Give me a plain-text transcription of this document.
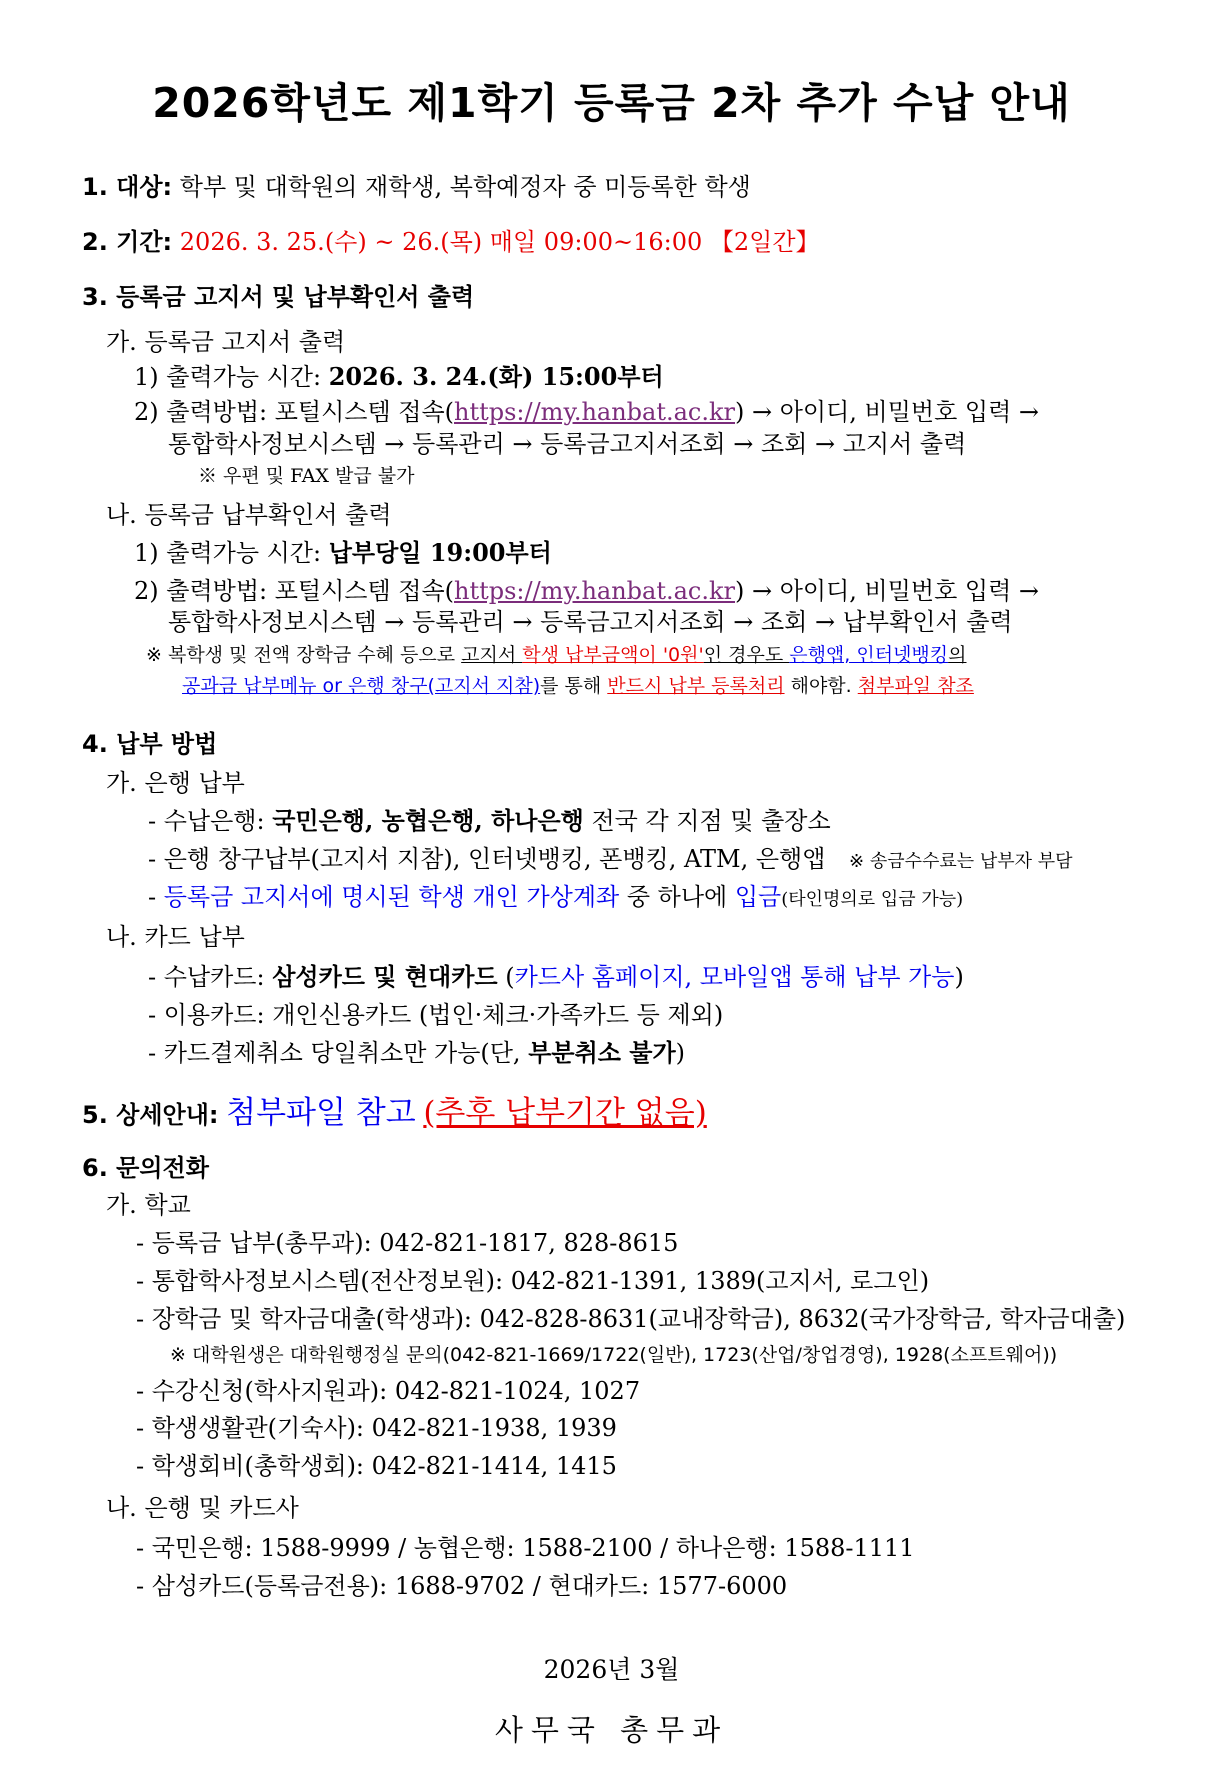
2026학년도 제1학기 등록금 2차 추가 수납 안내
1. 대상: 학부 및 대학원의 재학생, 복학예정자 중 미등록한 학생
2. 기간: 2026. 3. 25.(수) ~ 26.(목) 매일 09:00~16:00 【2일간】
3. 등록금 고지서 및 납부확인서 출력
가. 등록금 고지서 출력
1) 출력가능 시간: 2026. 3. 24.(화) 15:00부터
2) 출력방법: 포털시스템 접속(https://my.hanbat.ac.kr) → 아이디, 비밀번호 입력 →
통합학사정보시스템 → 등록관리 → 등록금고지서조회 → 조회 → 고지서 출력
※ 우편 및 FAX 발급 불가
나. 등록금 납부확인서 출력
1) 출력가능 시간: 납부당일 19:00부터
2) 출력방법: 포털시스템 접속(https://my.hanbat.ac.kr) → 아이디, 비밀번호 입력 →
통합학사정보시스템 → 등록관리 → 등록금고지서조회 → 조회 → 납부확인서 출력
※ 복학생 및 전액 장학금 수혜 등으로 고지서 학생 납부금액이 '0원'인 경우도 은행앱, 인터넷뱅킹의
공과금 납부메뉴 or 은행 창구(고지서 지참)를 통해 반드시 납부 등록처리 해야함. 첨부파일 참조
4. 납부 방법
가. 은행 납부
- 수납은행: 국민은행, 농협은행, 하나은행 전국 각 지점 및 출장소
- 은행 창구납부(고지서 지참), 인터넷뱅킹, 폰뱅킹, ATM, 은행앱 ※ 송금수수료는 납부자 부담
- 등록금 고지서에 명시된 학생 개인 가상계좌 중 하나에 입금(타인명의로 입금 가능)
나. 카드 납부
- 수납카드: 삼성카드 및 현대카드 (카드사 홈페이지, 모바일앱 통해 납부 가능)
- 이용카드: 개인신용카드 (법인·체크·가족카드 등 제외)
- 카드결제취소 당일취소만 가능(단, 부분취소 불가)
5. 상세안내: 첨부파일 참고 (추후 납부기간 없음)
6. 문의전화
가. 학교
- 등록금 납부(총무과): 042-821-1817, 828-8615
- 통합학사정보시스템(전산정보원): 042-821-1391, 1389(고지서, 로그인)
- 장학금 및 학자금대출(학생과): 042-828-8631(교내장학금), 8632(국가장학금, 학자금대출)
※ 대학원생은 대학원행정실 문의(042-821-1669/1722(일반), 1723(산업/창업경영), 1928(소프트웨어))
- 수강신청(학사지원과): 042-821-1024, 1027
- 학생생활관(기숙사): 042-821-1938, 1939
- 학생회비(총학생회): 042-821-1414, 1415
나. 은행 및 카드사
- 국민은행: 1588-9999 / 농협은행: 1588-2100 / 하나은행: 1588-1111
- 삼성카드(등록금전용): 1688-9702 / 현대카드: 1577-6000
2026년 3월
사무국 총무과
